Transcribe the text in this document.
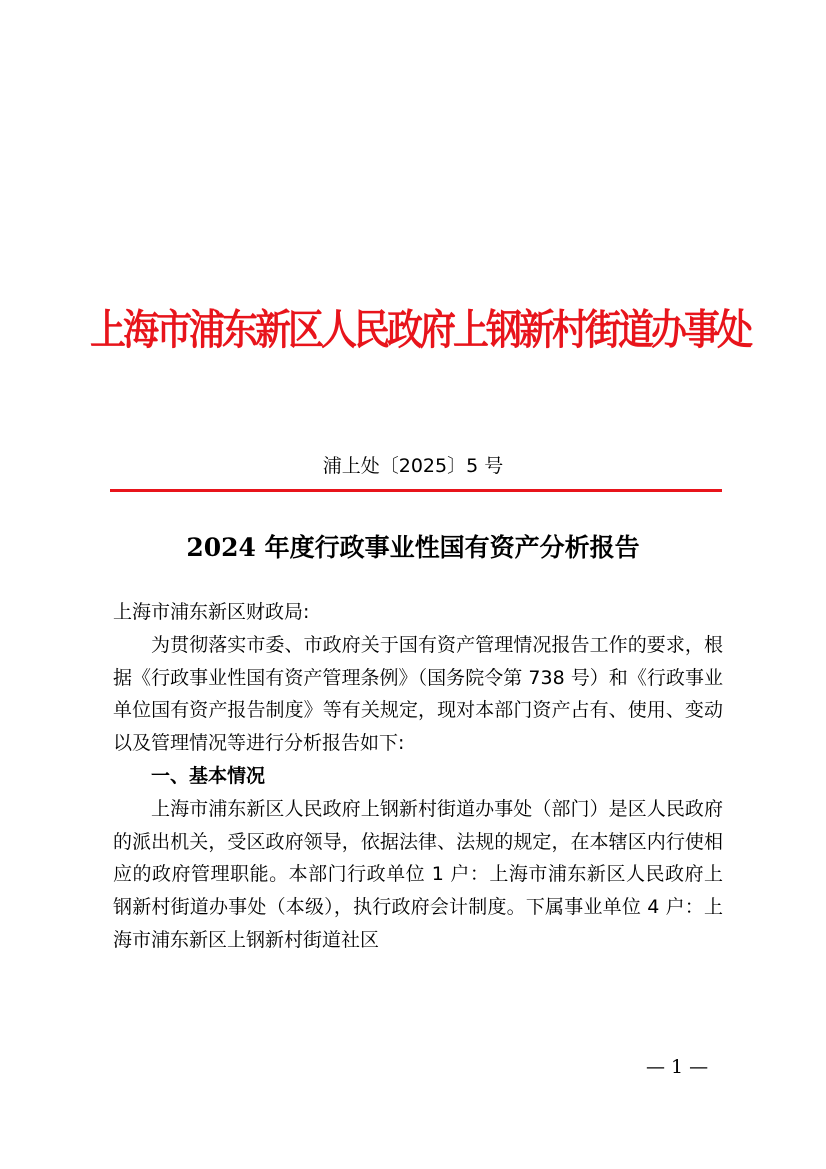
上海市浦东新区人民政府上钢新村街道办事处
浦上处〔2025〕5 号
2024 年度行政事业性国有资产分析报告

上海市浦东新区财政局:

为贯彻落实市委、市政府关于国有资产管理情况报告工作的要求，根据《行政事业性国有资产管理条例》（国务院令第 738 号）和《行政事业单位国有资产报告制度》等有关规定，现对本部门资产占有、使用、变动以及管理情况等进行分析报告如下:

一、基本情况

上海市浦东新区人民政府上钢新村街道办事处（部门）是区人民政府的派出机关，受区政府领导，依据法律、法规的规定，在本辖区内行使相应的政府管理职能。本部门行政单位 1 户：上海市浦东新区人民政府上钢新村街道办事处（本级），执行政府会计制度。下属事业单位 4 户：上海市浦东新区上钢新村街道社区

— 1 —
